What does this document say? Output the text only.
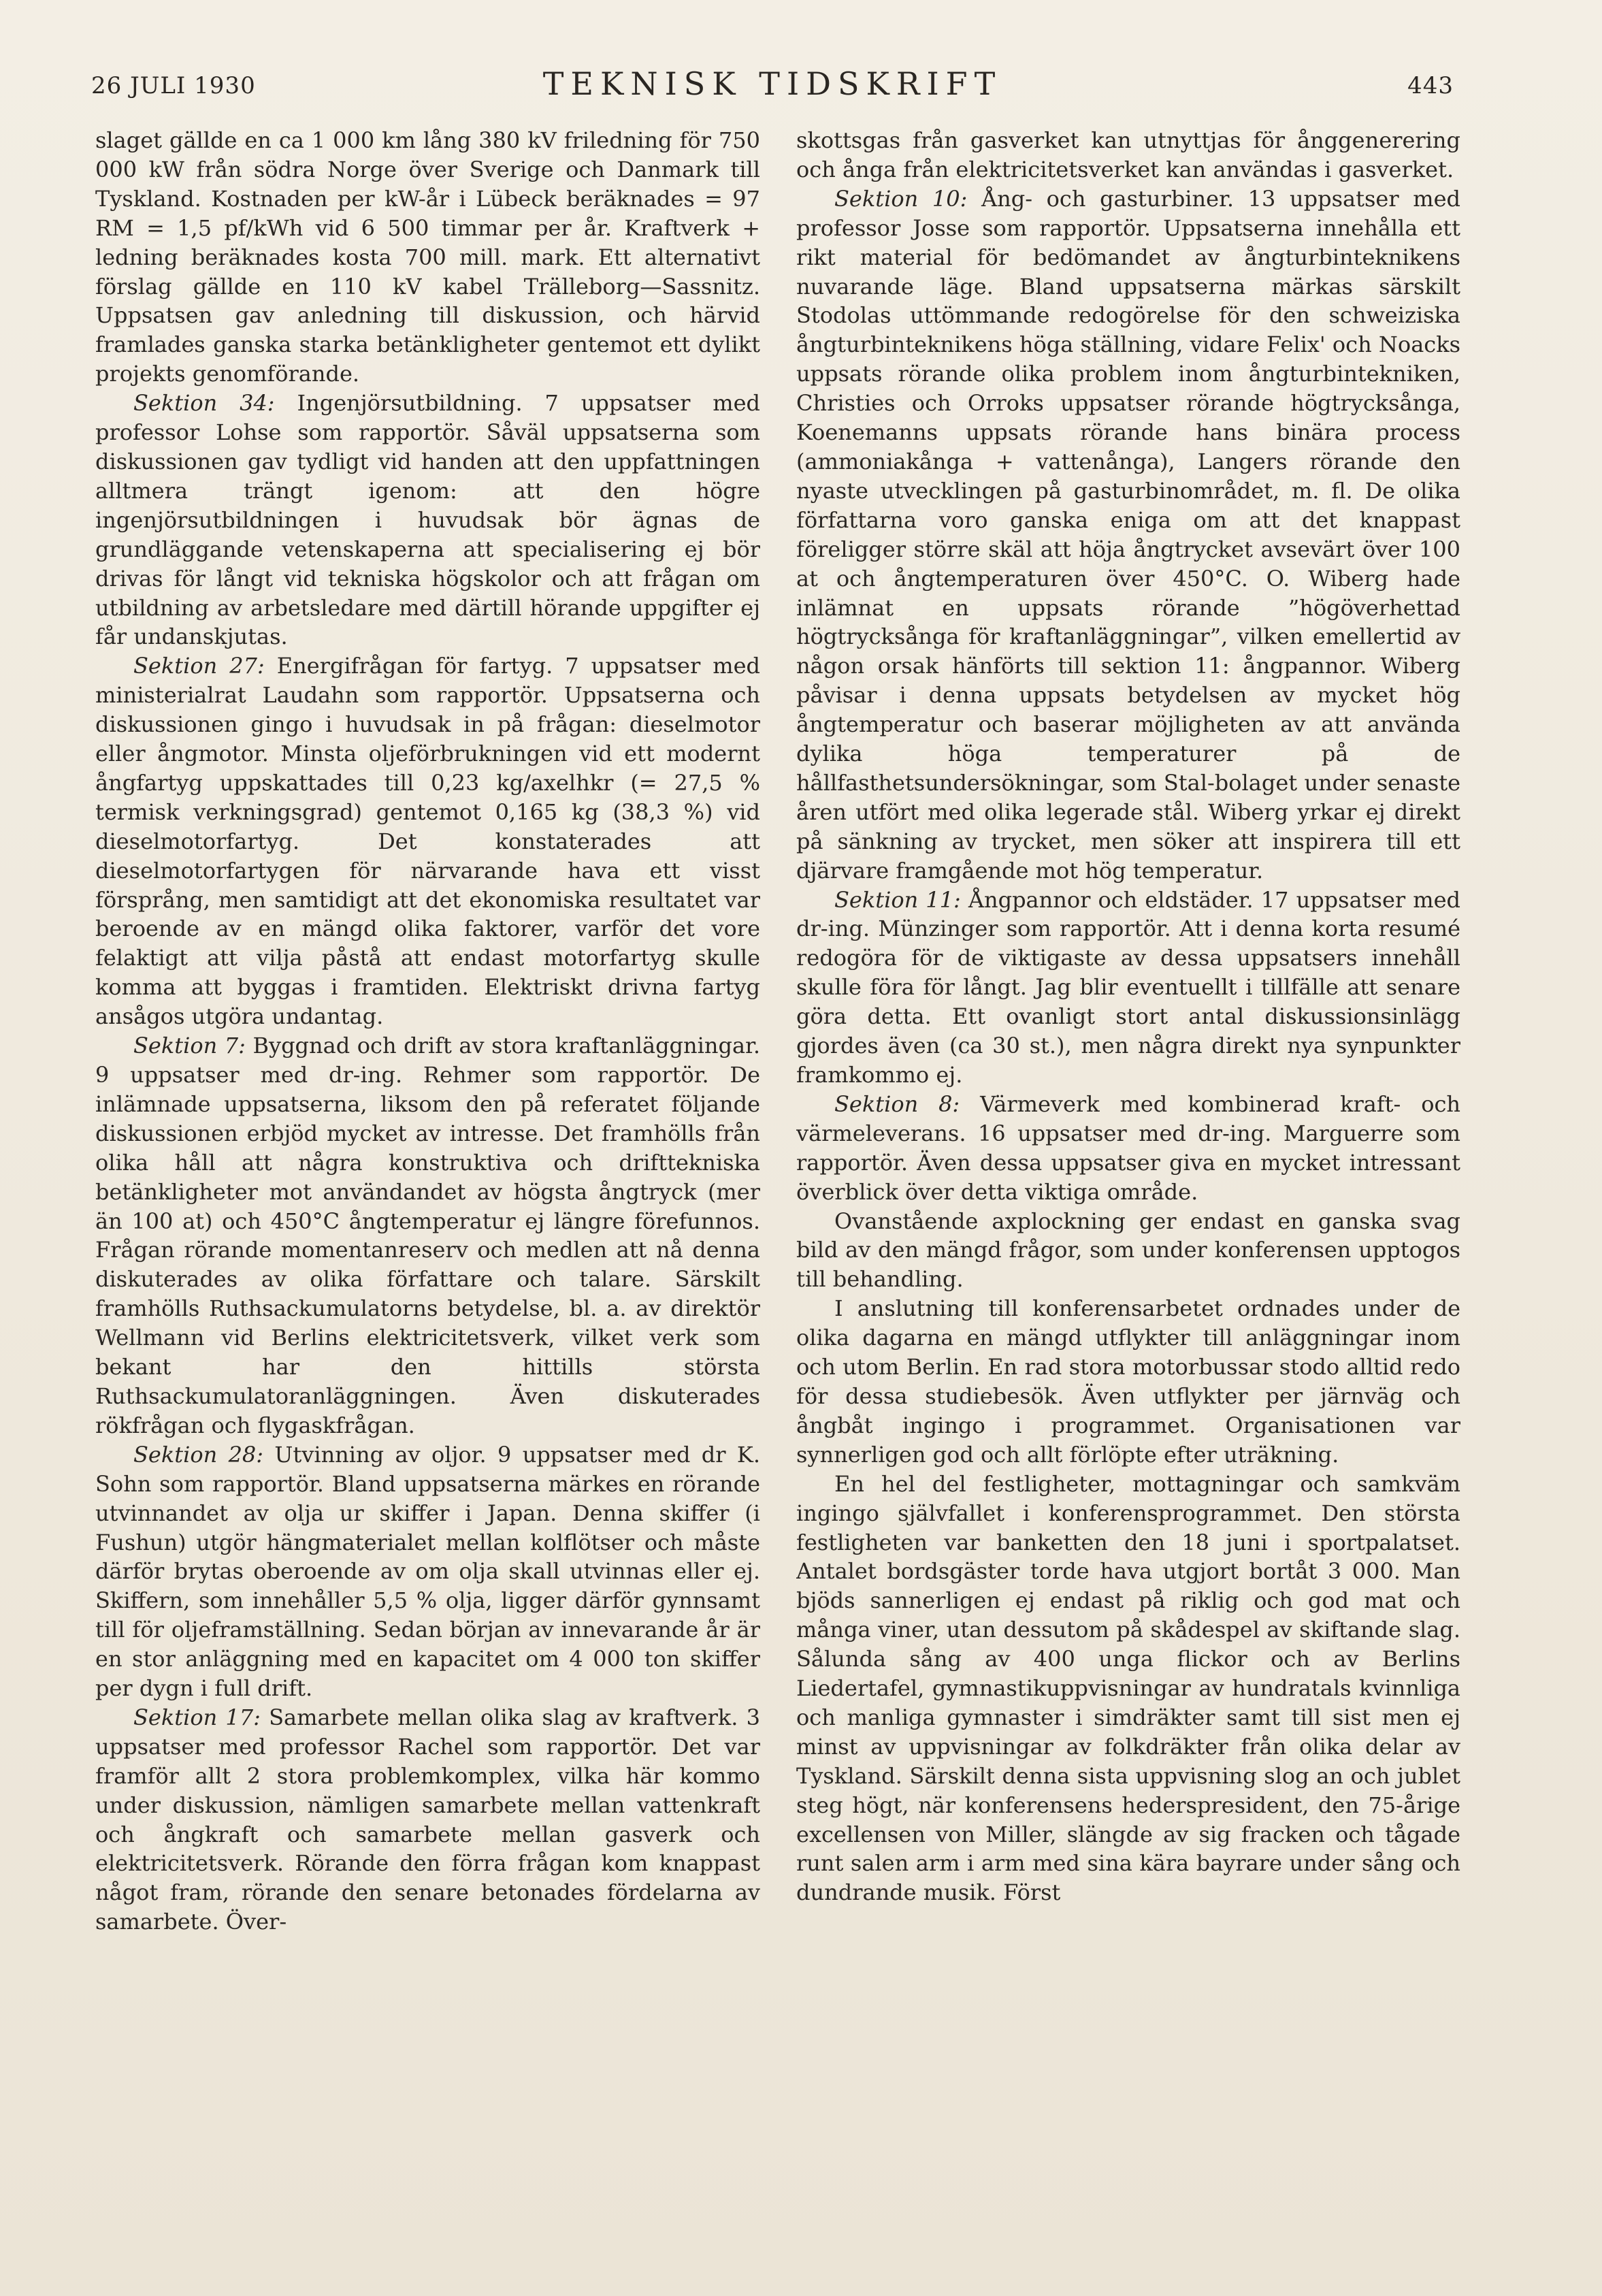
26 JULI 1930	TEKNISK TIDSKRIFT	443

slaget gällde en ca 1 000 km lång 380 kV friledning för 750 000 kW från södra Norge över Sverige och Danmark till Tyskland. Kostnaden per kW-år i Lübeck beräknades = 97 RM = 1,5 pf/kWh vid 6 500 timmar per år. Kraftverk + ledning beräknades kosta 700 mill. mark. Ett alternativt förslag gällde en 110 kV kabel Trälleborg—Sassnitz. Uppsatsen gav anledning till diskussion, och härvid framlades ganska starka betänkligheter gentemot ett dylikt projekts genomförande.

Sektion 34: Ingenjörsutbildning. 7 uppsatser med professor Lohse som rapportör. Såväl uppsatserna som diskussionen gav tydligt vid handen att den uppfattningen alltmera trängt igenom: att den högre ingenjörsutbildningen i huvudsak bör ägnas de grundläggande vetenskaperna att specialisering ej bör drivas för långt vid tekniska högskolor och att frågan om utbildning av arbetsledare med därtill hörande uppgifter ej får undanskjutas.

Sektion 27: Energifrågan för fartyg. 7 uppsatser med ministerialrat Laudahn som rapportör. Uppsatserna och diskussionen gingo i huvudsak in på frågan: dieselmotor eller ångmotor. Minsta oljeförbrukningen vid ett modernt ångfartyg uppskattades till 0,23 kg/axelhkr (= 27,5 % termisk verkningsgrad) gentemot 0,165 kg (38,3 %) vid dieselmotorfartyg. Det konstaterades att dieselmotorfartygen för närvarande hava ett visst försprång, men samtidigt att det ekonomiska resultatet var beroende av en mängd olika faktorer, varför det vore felaktigt att vilja påstå att endast motorfartyg skulle komma att byggas i framtiden. Elektriskt drivna fartyg ansågos utgöra undantag.

Sektion 7: Byggnad och drift av stora kraftanläggningar. 9 uppsatser med dr-ing. Rehmer som rapportör. De inlämnade uppsatserna, liksom den på referatet följande diskussionen erbjöd mycket av intresse. Det framhölls från olika håll att några konstruktiva och drifttekniska betänkligheter mot användandet av högsta ångtryck (mer än 100 at) och 450°C ångtemperatur ej längre förefunnos. Frågan rörande momentanreserv och medlen att nå denna diskuterades av olika författare och talare. Särskilt framhölls Ruthsackumulatorns betydelse, bl. a. av direktör Wellmann vid Berlins elektricitetsverk, vilket verk som bekant har den hittills största Ruthsackumulatoranläggningen. Även diskuterades rökfrågan och flygaskfrågan.

Sektion 28: Utvinning av oljor. 9 uppsatser med dr K. Sohn som rapportör. Bland uppsatserna märkes en rörande utvinnandet av olja ur skiffer i Japan. Denna skiffer (i Fushun) utgör hängmaterialet mellan kolflötser och måste därför brytas oberoende av om olja skall utvinnas eller ej. Skiffern, som innehåller 5,5 % olja, ligger därför gynnsamt till för oljeframställning. Sedan början av innevarande år är en stor anläggning med en kapacitet om 4 000 ton skiffer per dygn i full drift.

Sektion 17: Samarbete mellan olika slag av kraftverk. 3 uppsatser med professor Rachel som rapportör. Det var framför allt 2 stora problemkomplex, vilka här kommo under diskussion, nämligen samarbete mellan vattenkraft och ångkraft och samarbete mellan gasverk och elektricitetsverk. Rörande den förra frågan kom knappast något fram, rörande den senare betonades fördelarna av samarbete. Över-

skottsgas från gasverket kan utnyttjas för ånggenerering och ånga från elektricitetsverket kan användas i gasverket.

Sektion 10: Ång- och gasturbiner. 13 uppsatser med professor Josse som rapportör. Uppsatserna innehålla ett rikt material för bedömandet av ångturbinteknikens nuvarande läge. Bland uppsatserna märkas särskilt Stodolas uttömmande redogörelse för den schweiziska ångturbinteknikens höga ställning, vidare Felix' och Noacks uppsats rörande olika problem inom ångturbintekniken, Christies och Orroks uppsatser rörande högtrycksånga, Koenemanns uppsats rörande hans binära process (ammoniakånga + vattenånga), Langers rörande den nyaste utvecklingen på gasturbinområdet, m. fl. De olika författarna voro ganska eniga om att det knappast föreligger större skäl att höja ångtrycket avsevärt över 100 at och ångtemperaturen över 450°C. O. Wiberg hade inlämnat en uppsats rörande ”högöverhettad högtrycksånga för kraftanläggningar”, vilken emellertid av någon orsak hänförts till sektion 11: ångpannor. Wiberg påvisar i denna uppsats betydelsen av mycket hög ångtemperatur och baserar möjligheten av att använda dylika höga temperaturer på de hållfasthetsundersökningar, som Stal-bolaget under senaste åren utfört med olika legerade stål. Wiberg yrkar ej direkt på sänkning av trycket, men söker att inspirera till ett djärvare framgående mot hög temperatur.

Sektion 11: Ångpannor och eldstäder. 17 uppsatser med dr-ing. Münzinger som rapportör. Att i denna korta resumé redogöra för de viktigaste av dessa uppsatsers innehåll skulle föra för långt. Jag blir eventuellt i tillfälle att senare göra detta. Ett ovanligt stort antal diskussionsinlägg gjordes även (ca 30 st.), men några direkt nya synpunkter framkommo ej.

Sektion 8: Värmeverk med kombinerad kraft- och värmeleverans. 16 uppsatser med dr-ing. Marguerre som rapportör. Även dessa uppsatser giva en mycket intressant överblick över detta viktiga område.

Ovanstående axplockning ger endast en ganska svag bild av den mängd frågor, som under konferensen upptogos till behandling.

I anslutning till konferensarbetet ordnades under de olika dagarna en mängd utflykter till anläggningar inom och utom Berlin. En rad stora motorbussar stodo alltid redo för dessa studiebesök. Även utflykter per järnväg och ångbåt ingingo i programmet. Organisationen var synnerligen god och allt förlöpte efter uträkning.

En hel del festligheter, mottagningar och samkväm ingingo självfallet i konferensprogrammet. Den största festligheten var banketten den 18 juni i sportpalatset. Antalet bordsgäster torde hava utgjort bortåt 3 000. Man bjöds sannerligen ej endast på riklig och god mat och många viner, utan dessutom på skådespel av skiftande slag. Sålunda sång av 400 unga flickor och av Berlins Liedertafel, gymnastikuppvisningar av hundratals kvinnliga och manliga gymnaster i simdräkter samt till sist men ej minst av uppvisningar av folkdräkter från olika delar av Tyskland. Särskilt denna sista uppvisning slog an och jublet steg högt, när konferensens hederspresident, den 75-årige excellensen von Miller, slängde av sig fracken och tågade runt salen arm i arm med sina kära bayrare under sång och dundrande musik. Först
